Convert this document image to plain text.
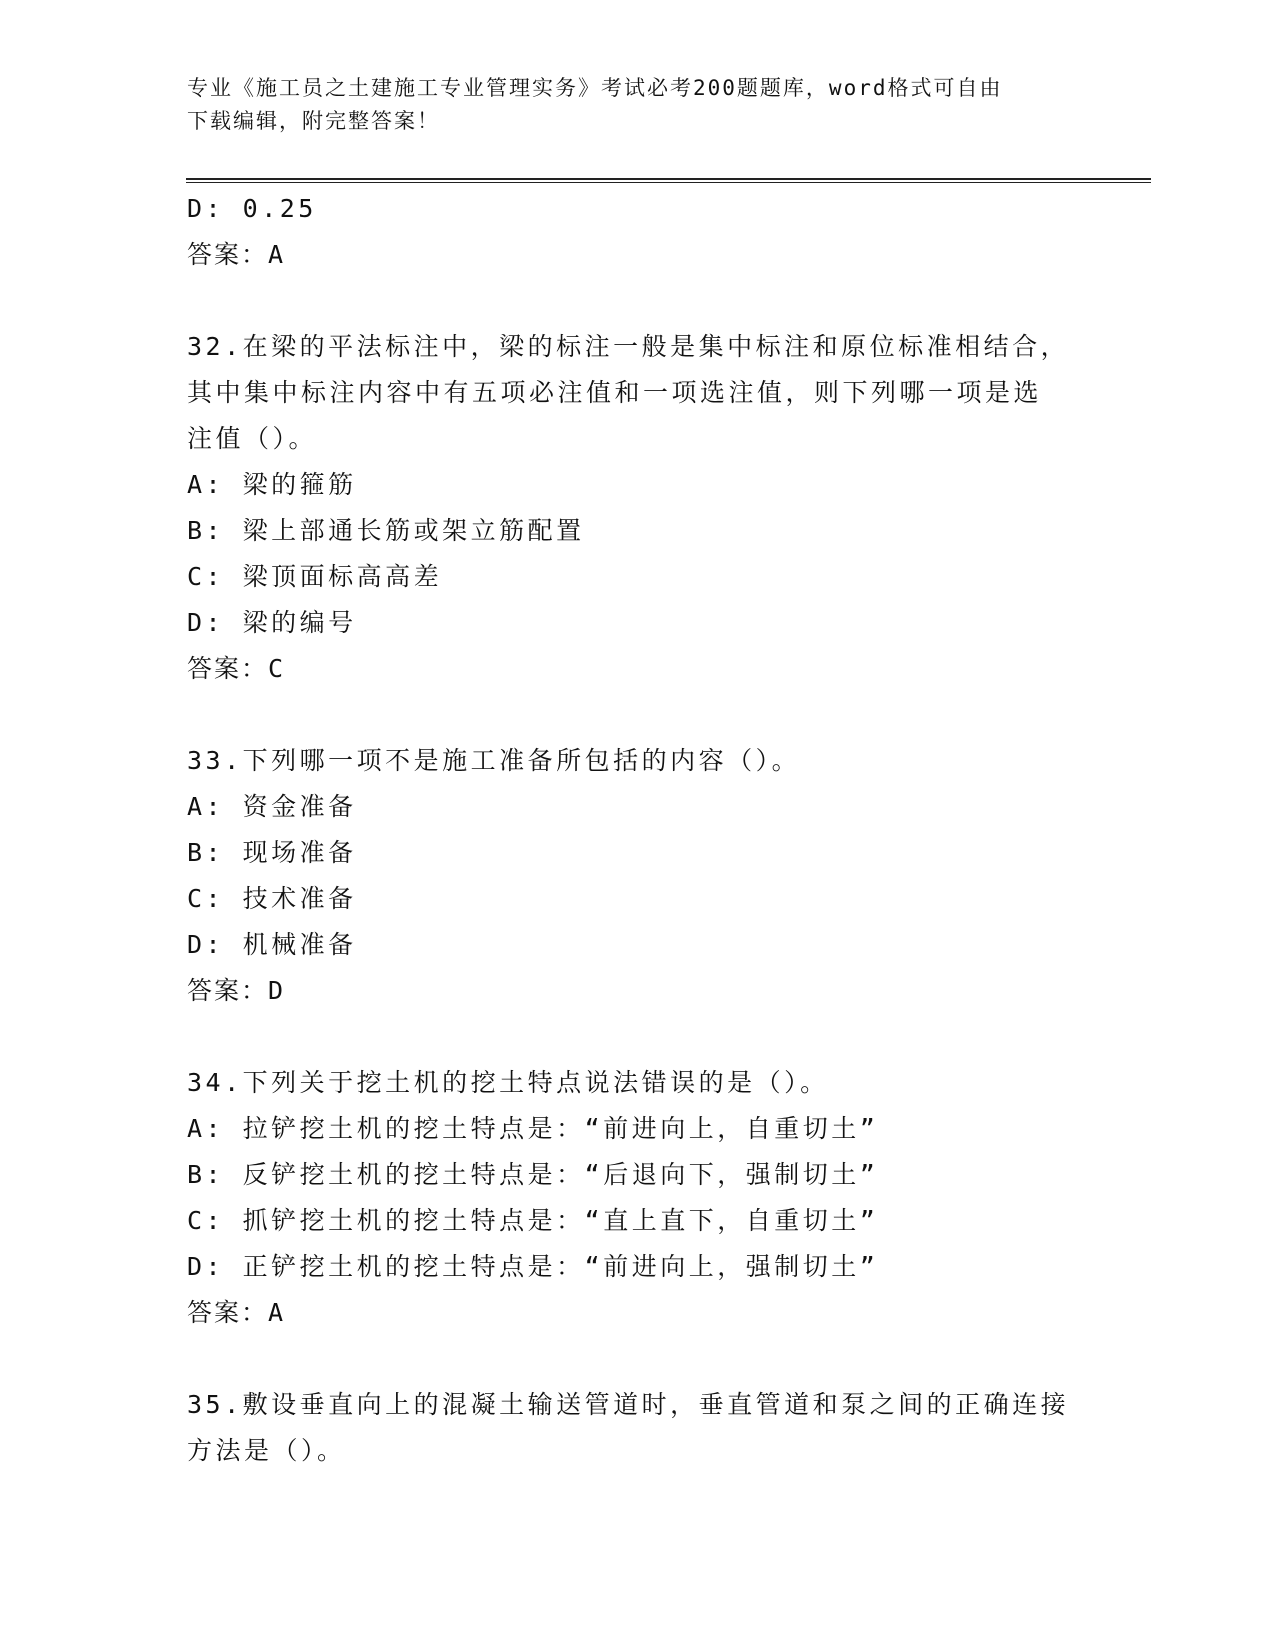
专业《施工员之土建施工专业管理实务》考试必考200题题库，word格式可自由
下载编辑，附完整答案！
D: 0.25
答案：A
32.在梁的平法标注中，梁的标注一般是集中标注和原位标准相结合，
其中集中标注内容中有五项必注值和一项选注值，则下列哪一项是选
注值（）。
A: 梁的箍筋
B: 梁上部通长筋或架立筋配置
C: 梁顶面标高高差
D: 梁的编号
答案：C
33.下列哪一项不是施工准备所包括的内容（）。
A: 资金准备
B: 现场准备
C: 技术准备
D: 机械准备
答案：D
34.下列关于挖土机的挖土特点说法错误的是（）。
A: 拉铲挖土机的挖土特点是：“前进向上，自重切土”
B: 反铲挖土机的挖土特点是：“后退向下，强制切土”
C: 抓铲挖土机的挖土特点是：“直上直下，自重切土”
D: 正铲挖土机的挖土特点是：“前进向上，强制切土”
答案：A
35.敷设垂直向上的混凝土输送管道时，垂直管道和泵之间的正确连接
方法是（）。
